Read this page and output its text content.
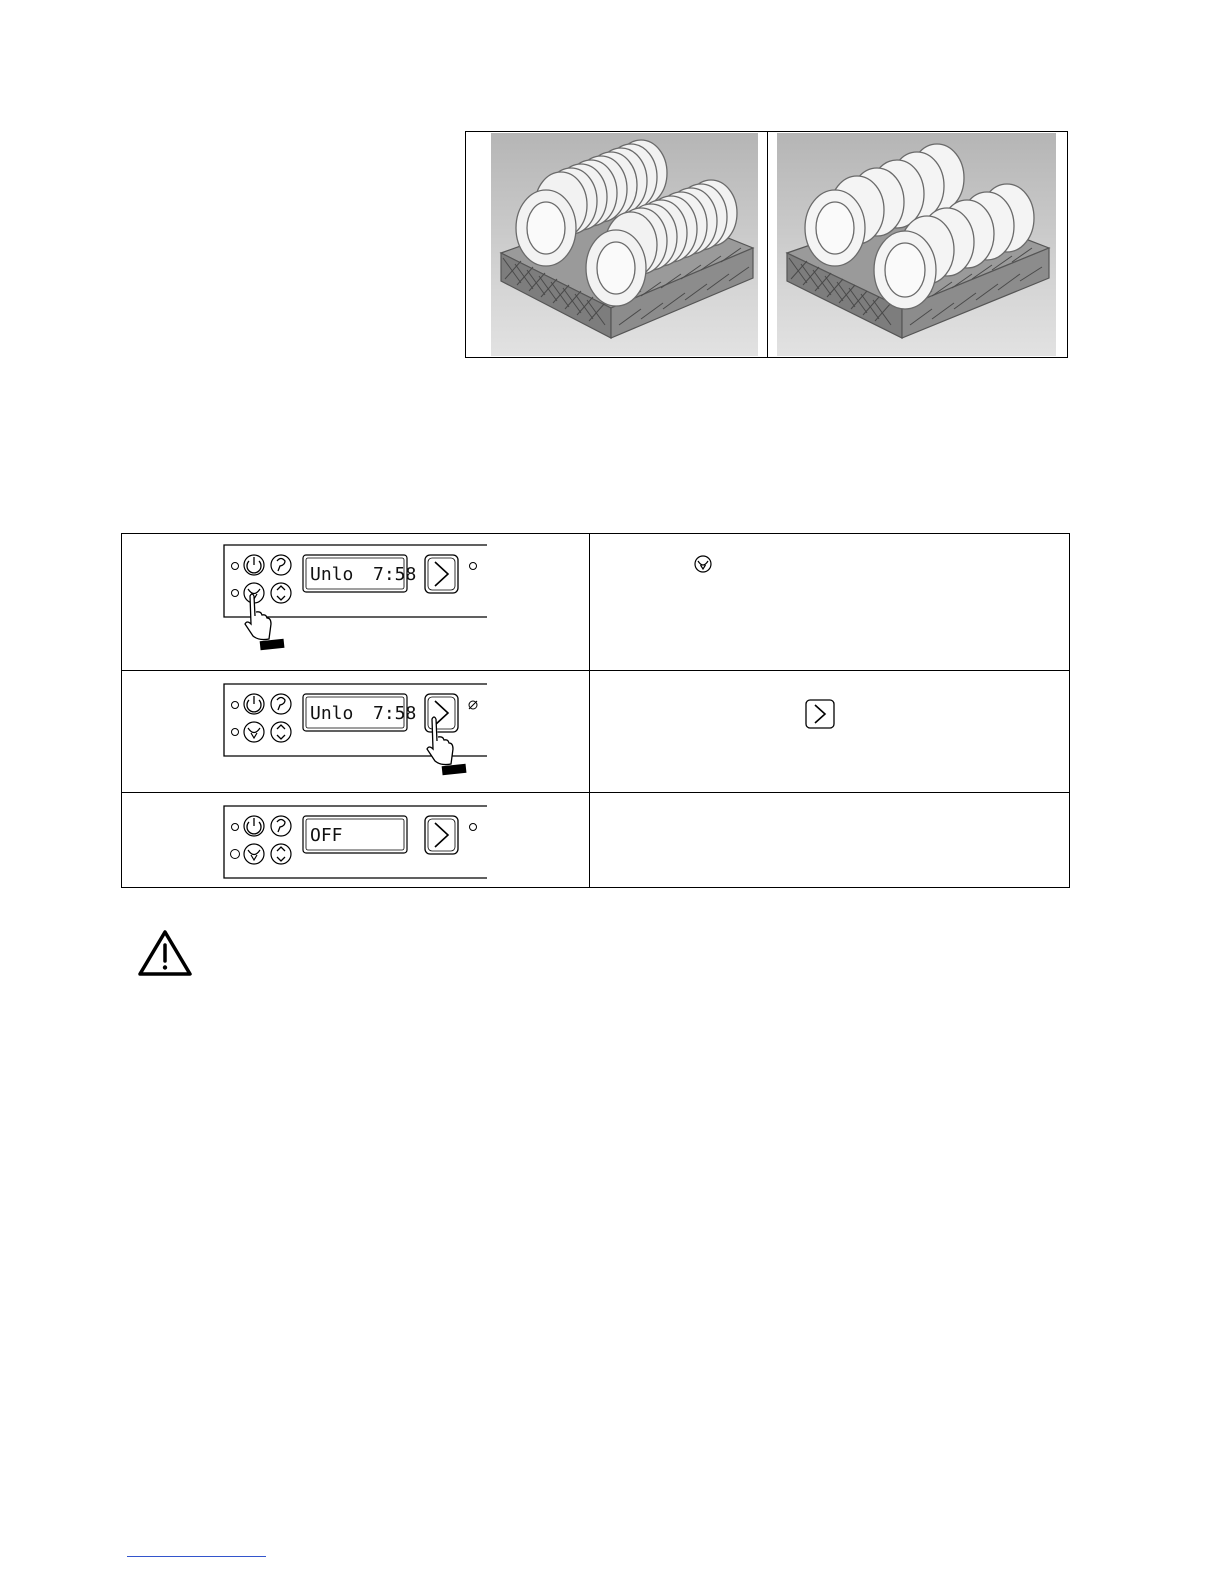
Unlo 7:58
Unlo 7:58
OFF
